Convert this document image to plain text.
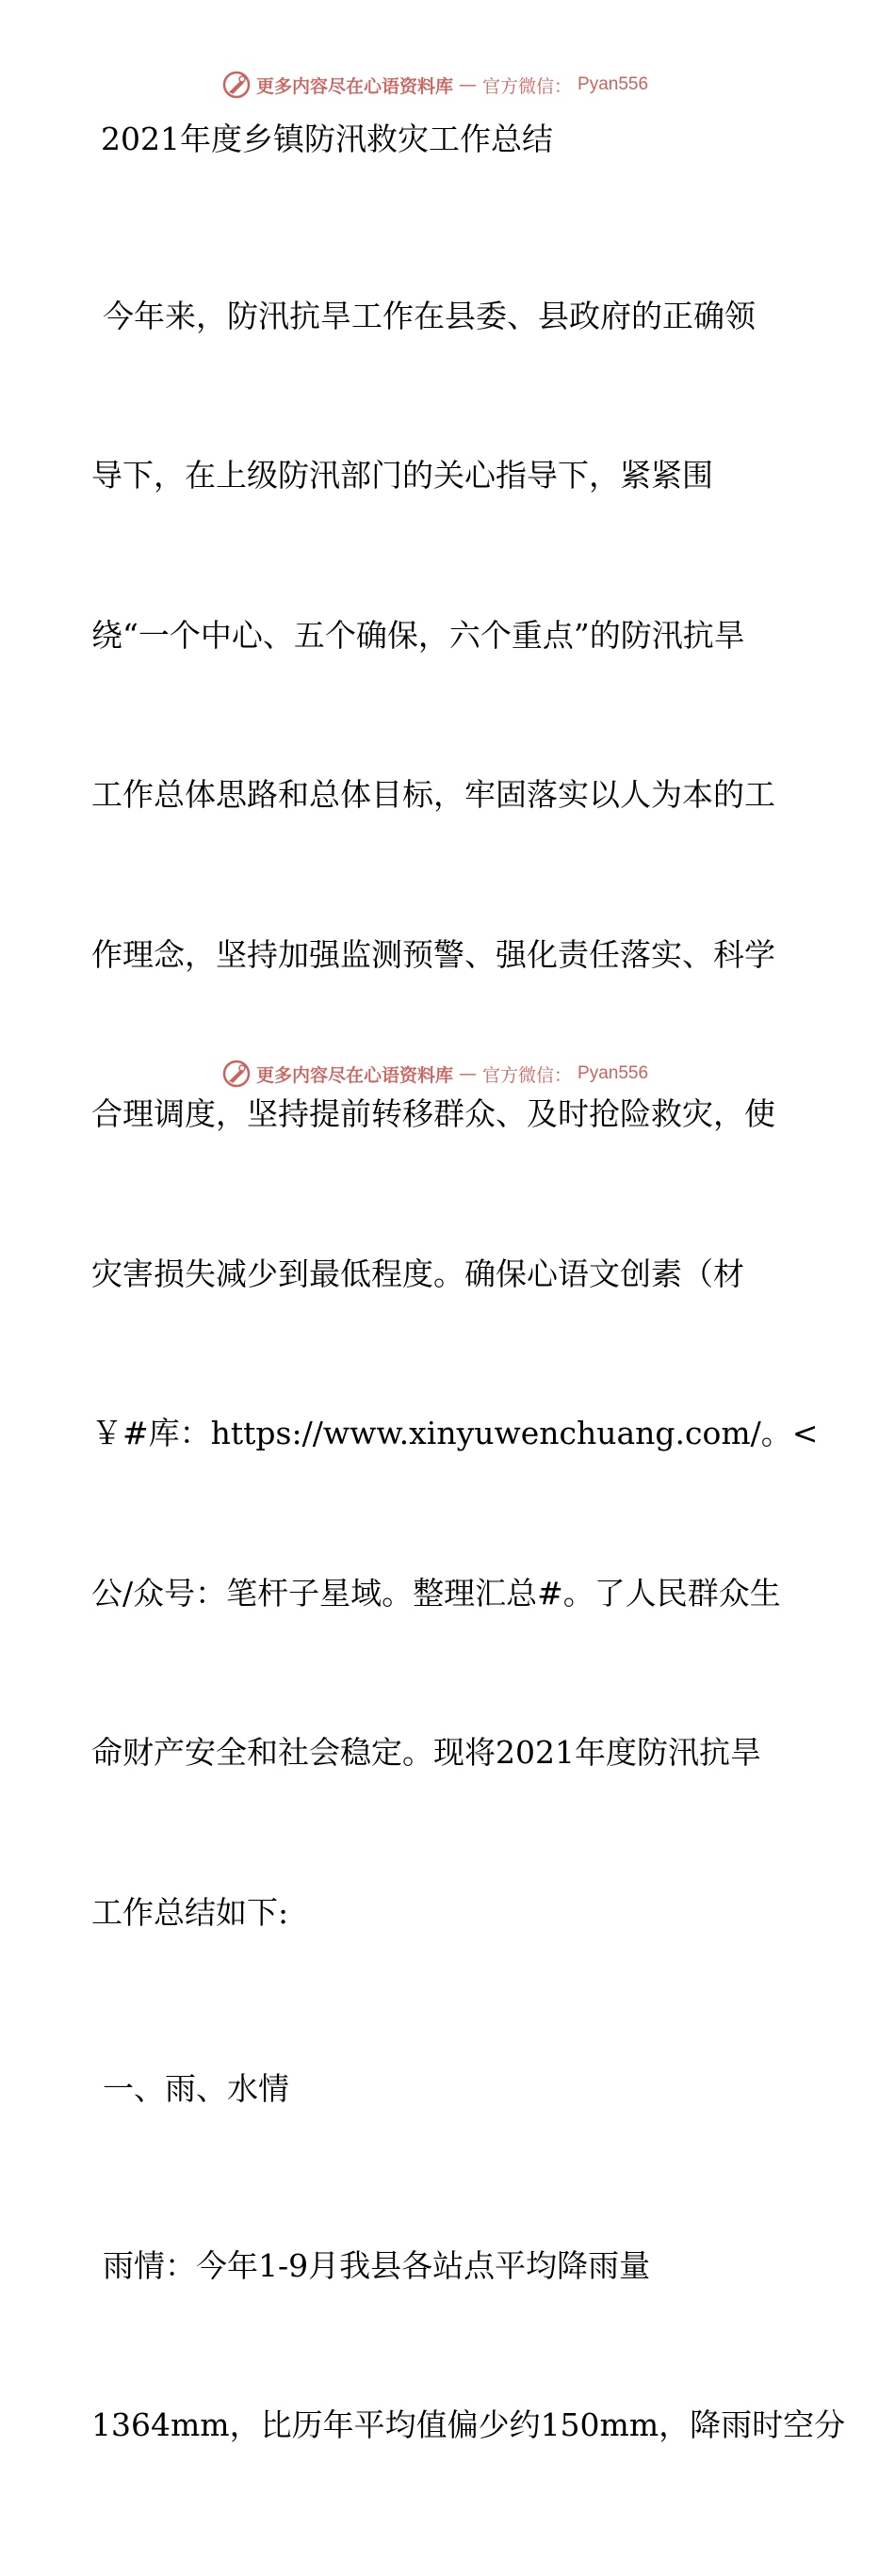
更多内容尽在心语资料库 — 官方微信： Pyan556

2021年度乡镇防汛救灾工作总结

今年来，防汛抗旱工作在县委、县政府的正确领

导下，在上级防汛部门的关心指导下，紧紧围

绕“一个中心、五个确保，六个重点”的防汛抗旱

工作总体思路和总体目标，牢固落实以人为本的工

作理念，坚持加强监测预警、强化责任落实、科学

合理调度，坚持提前转移群众、及时抢险救灾，使

灾害损失减少到最低程度。确保心语文创素（材

￥#库：https://www.xinyuwenchuang.com/。<

公/众号：笔杆子星域。整理汇总#。了人民群众生

命财产安全和社会稳定。现将2021年度防汛抗旱

工作总结如下:

一、雨、水情

雨情：今年1-9月我县各站点平均降雨量

1364mm，比历年平均值偏少约150mm，降雨时空分

更多内容尽在心语资料库 — 官方微信： Pyan556
